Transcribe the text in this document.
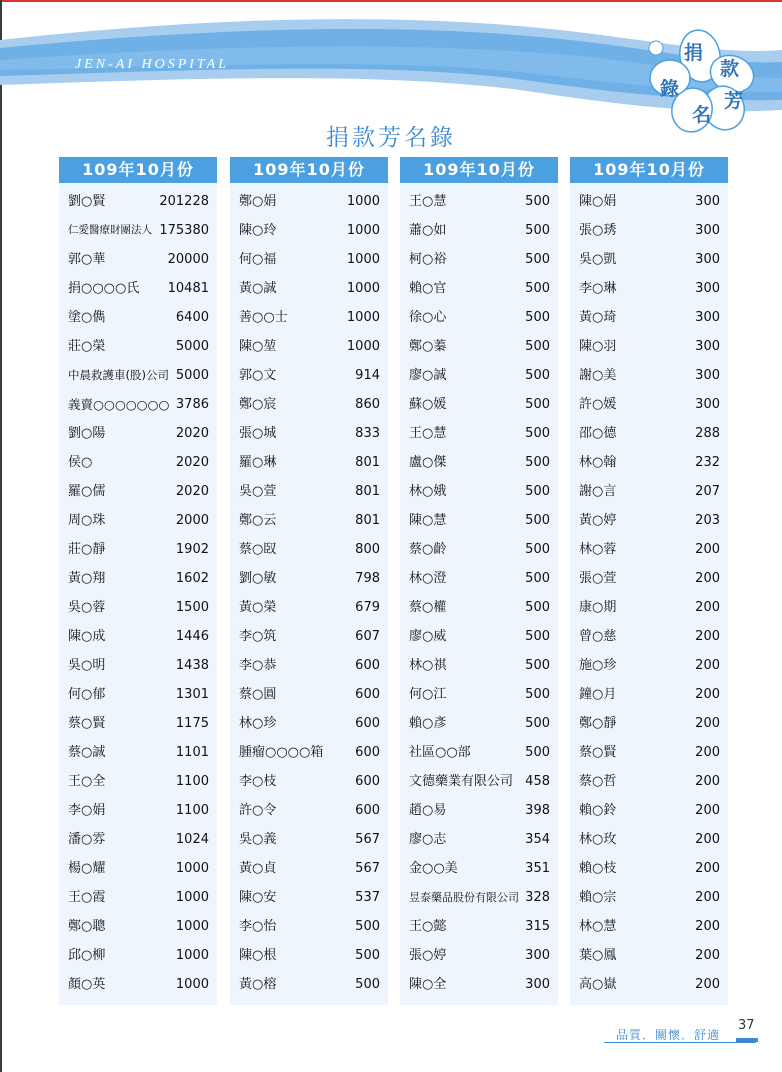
JEN-AI HOSPITAL
捐
款
芳
名
錄
捐款芳名錄
109年10月份
劉○賢	201228
仁愛醫療財團法人 175380
郭○華	20000
捐○○○○氏 10481
塗○儁	6400
莊○榮	5000
中晨救護車(股)公司 5000
義賣○○○○○○○ 3786
劉○陽	2020
侯○	2020
羅○儒	2020
周○珠	2000
莊○靜	1902
黃○翔	1602
吳○蓉	1500
陳○成	1446
吳○明	1438
何○郁	1301
蔡○賢	1175
蔡○誠	1101
王○全	1100
李○娟	1100
潘○雰	1024
楊○耀	1000
王○霞	1000
鄭○聰	1000
邱○柳	1000
顏○英	1000
109年10月份
鄭○娟	1000
陳○玲	1000
何○福	1000
黃○誠	1000
善○○士	1000
陳○堃	1000
郭○文	914
鄭○宸	860
張○城	833
羅○琳	801
吳○萱	801
鄭○云	801
蔡○臤	800
劉○敏	798
黃○榮	679
李○筑	607
李○恭	600
蔡○圓	600
林○珍	600
腫瘤○○○○箱 600
李○枝	600
許○令	600
吳○義	567
黃○貞	567
陳○安	537
李○怡	500
陳○根	500
黃○榕	500
109年10月份
王○慧	500
蕭○如	500
柯○裕	500
賴○官	500
徐○心	500
鄭○蓁	500
廖○誠	500
蘇○媛	500
王○慧	500
盧○傑	500
林○娥	500
陳○慧	500
蔡○齡	500
林○澄	500
蔡○權	500
廖○威	500
林○祺	500
何○江	500
賴○彥	500
社區○○部	500
文德藥業有限公司 458
趙○易	398
廖○志	354
金○○美	351
昱泰藥品股份有限公司 328
王○懿	315
張○婷	300
陳○全	300
109年10月份
陳○娟	300
張○琇	300
吳○凱	300
李○琳	300
黃○琦	300
陳○羽	300
謝○美	300
許○媛	300
邵○德	288
林○翰	232
謝○言	207
黃○婷	203
林○蓉	200
張○萱	200
康○期	200
曾○慈	200
施○珍	200
鐘○月	200
鄭○靜	200
蔡○賢	200
蔡○哲	200
賴○鈴	200
林○玫	200
賴○枝	200
賴○宗	200
林○慧	200
葉○鳳	200
高○嶽	200
品質．關懷．舒適
37
